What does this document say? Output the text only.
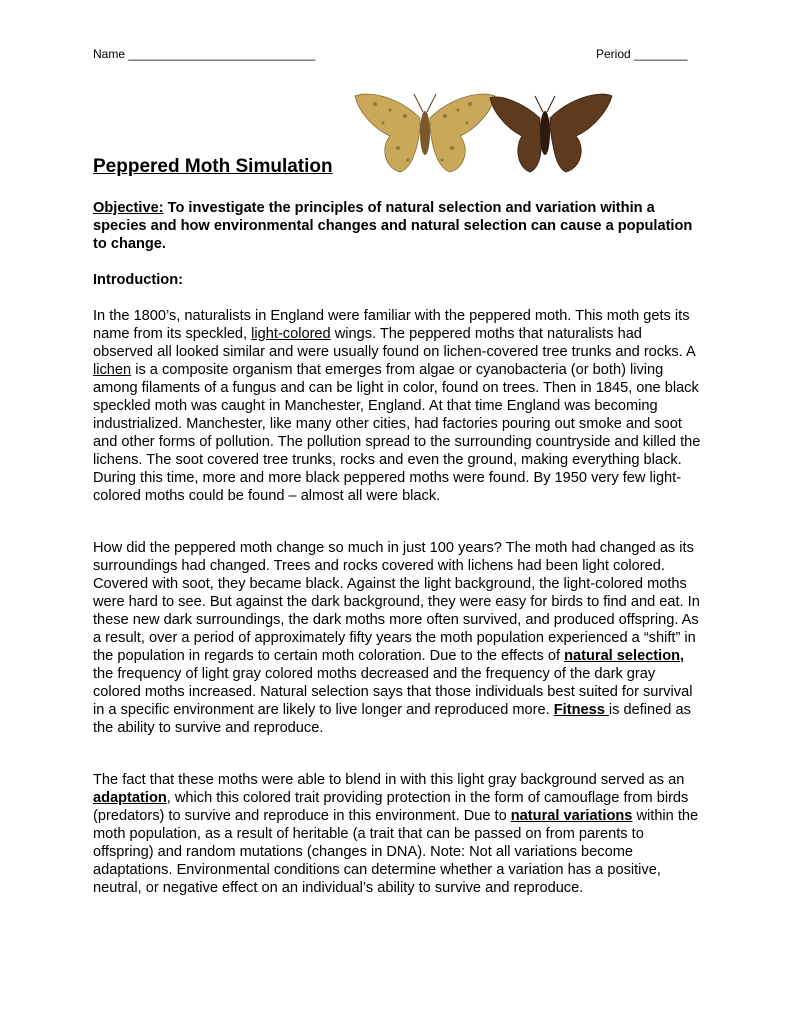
Name ____________________________	Period ________
Peppered Moth Simulation

Objective: To investigate the principles of natural selection and variation within a species and how environmental changes and natural selection can cause a population to change.

Introduction:

In the 1800’s, naturalists in England were familiar with the peppered moth. This moth gets its name from its speckled, light-colored wings. The peppered moths that naturalists had observed all looked similar and were usually found on lichen-covered tree trunks and rocks. A lichen is a composite organism that emerges from algae or cyanobacteria (or both) living among filaments of a fungus and can be light in color, found on trees. Then in 1845, one black speckled moth was caught in Manchester, England. At that time England was becoming industrialized. Manchester, like many other cities, had factories pouring out smoke and soot and other forms of pollution. The pollution spread to the surrounding countryside and killed the lichens. The soot covered tree trunks, rocks and even the ground, making everything black. During this time, more and more black peppered moths were found. By 1950 very few light-colored moths could be found – almost all were black.

How did the peppered moth change so much in just 100 years? The moth had changed as its surroundings had changed. Trees and rocks covered with lichens had been light colored. Covered with soot, they became black. Against the light background, the light-colored moths were hard to see. But against the dark background, they were easy for birds to find and eat. In these new dark surroundings, the dark moths more often survived, and produced offspring. As a result, over a period of approximately fifty years the moth population experienced a “shift” in the population in regards to certain moth coloration. Due to the effects of natural selection, the frequency of light gray colored moths decreased and the frequency of the dark gray colored moths increased. Natural selection says that those individuals best suited for survival in a specific environment are likely to live longer and reproduced more. Fitness is defined as the ability to survive and reproduce.

The fact that these moths were able to blend in with this light gray background served as an adaptation, which this colored trait providing protection in the form of camouflage from birds (predators) to survive and reproduce in this environment. Due to natural variations within the moth population, as a result of heritable (a trait that can be passed on from parents to offspring) and random mutations (changes in DNA). Note: Not all variations become adaptations. Environmental conditions can determine whether a variation has a positive, neutral, or negative effect on an individual’s ability to survive and reproduce.
